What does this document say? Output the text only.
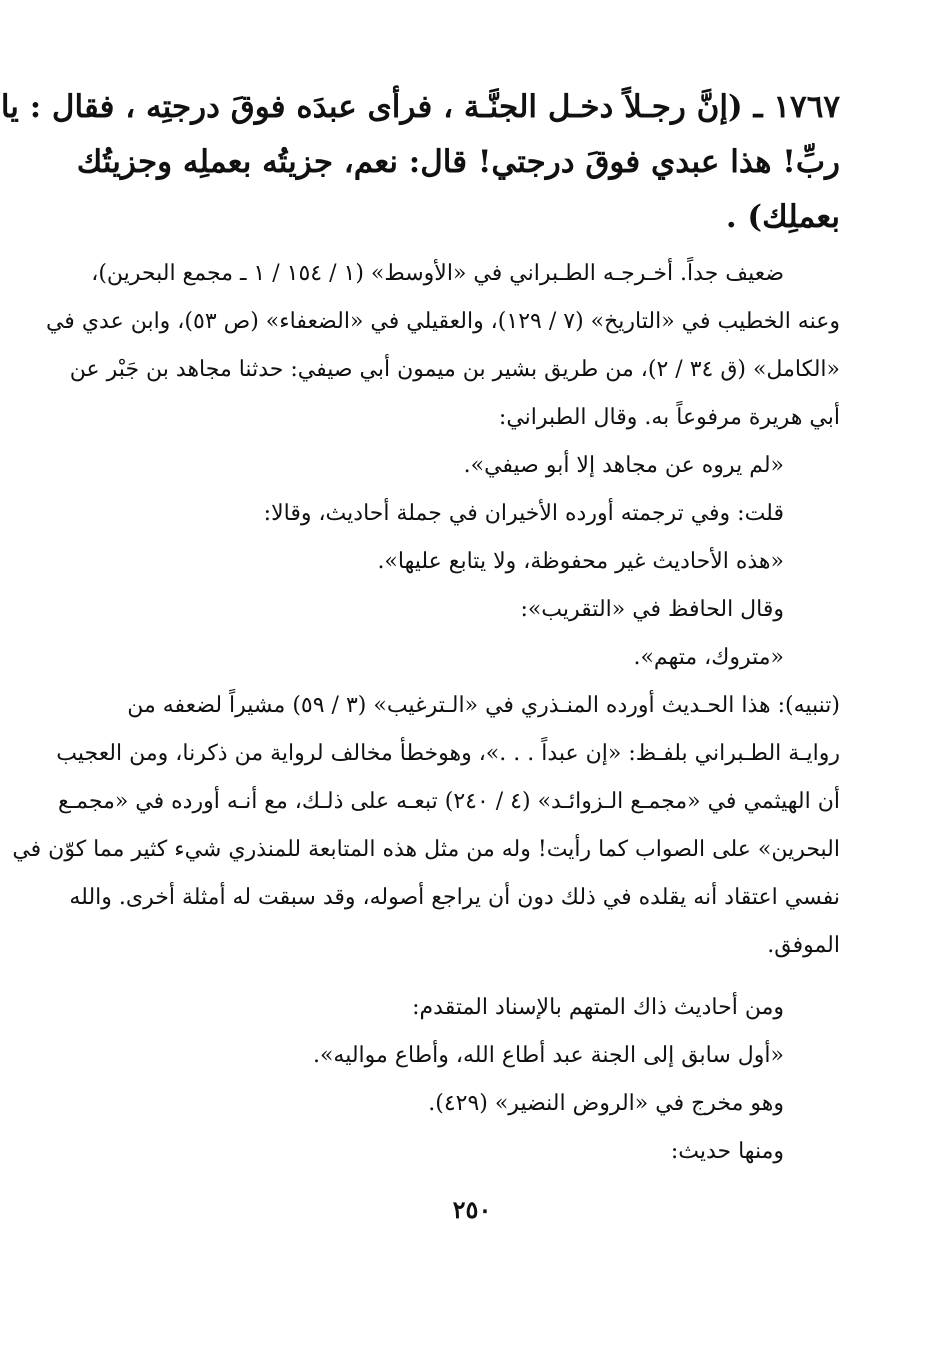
١٧٦٧ ـ (إنَّ رجـلاً دخـل الجنَّـة ، فرأى عبدَه فوقَ درجتِه ، فقال : يا
ربِّ! هذا عبدي فوقَ درجتي! قال: نعم، جزيتُه بعملِه وجزيتُك
بعملِك) .
ضعيف جداً. أخـرجـه الطـبراني في «الأوسط» (١ / ١٥٤ / ١ ـ مجمع البحرين)،
وعنه الخطيب في «التاريخ» (٧ / ١٢٩)، والعقيلي في «الضعفاء» (ص ٥٣)، وابن عدي في
«الكامل» (ق ٣٤ / ٢)، من طريق بشير بن ميمون أبي صيفي: حدثنا مجاهد بن جَبْر عن
أبي هريرة مرفوعاً به. وقال الطبراني:
«لم يروه عن مجاهد إلا أبو صيفي».
قلت: وفي ترجمته أورده الأخيران في جملة أحاديث، وقالا:
«هذه الأحاديث غير محفوظة، ولا يتابع عليها».
وقال الحافظ في «التقريب»:
«متروك، متهم».
(تنبيه): هذا الحـديث أورده المنـذري في «الـترغيب» (٣ / ٥٩) مشيراً لضعفه من
روايـة الطـبراني بلفـظ: «إن عبداً . . .»، وهوخطأ مخالف لرواية من ذكرنا، ومن العجيب
أن الهيثمي في «مجمـع الـزوائـد» (٤ / ٢٤٠) تبعـه على ذلـك، مع أنـه أورده في «مجمـع
البحرين» على الصواب كما رأيت! وله من مثل هذه المتابعة للمنذري شيء كثير مما كوّن في
نفسي اعتقاد أنه يقلده في ذلك دون أن يراجع أصوله، وقد سبقت له أمثلة أخرى. والله
الموفق.
ومن أحاديث ذاك المتهم بالإسناد المتقدم:
«أول سابق إلى الجنة عبد أطاع الله، وأطاع مواليه».
وهو مخرج في «الروض النضير» (٤٢٩).
ومنها حديث:
٢٥٠
